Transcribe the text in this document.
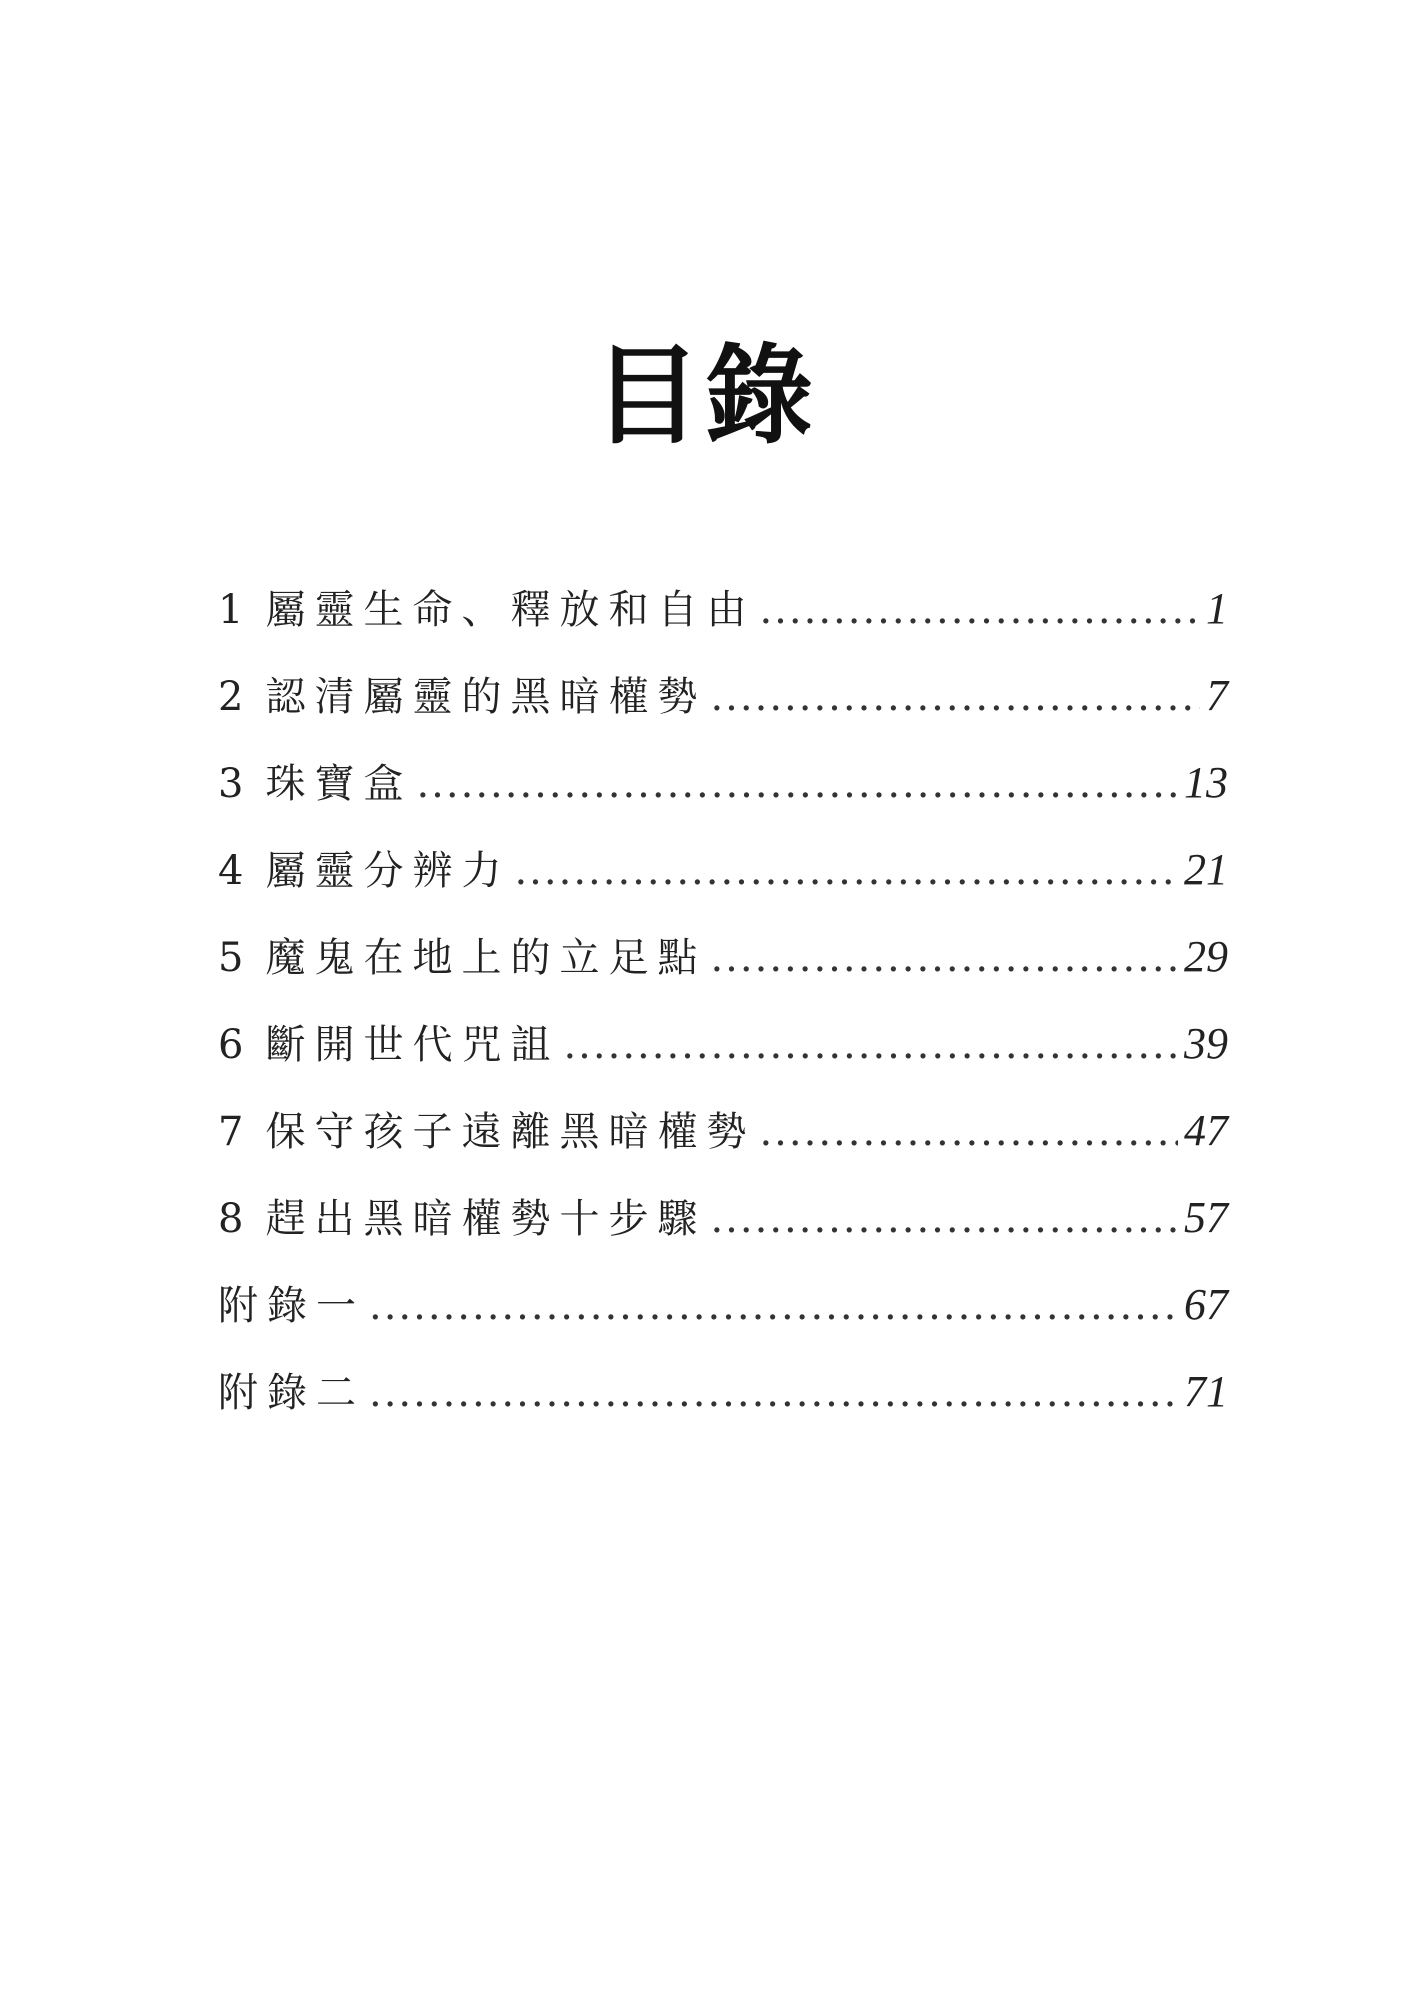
目錄
1 屬靈生命、釋放和自由 .....	1
2 認清屬靈的黑暗權勢 .....	7
3 珠寶盒 .....	13
4 屬靈分辨力 .....	21
5 魔鬼在地上的立足點 .....	29
6 斷開世代咒詛 .....	39
7 保守孩子遠離黑暗權勢 .....	47
8 趕出黑暗權勢十步驟 .....	57
附錄一 .....	67
附錄二 .....	71
